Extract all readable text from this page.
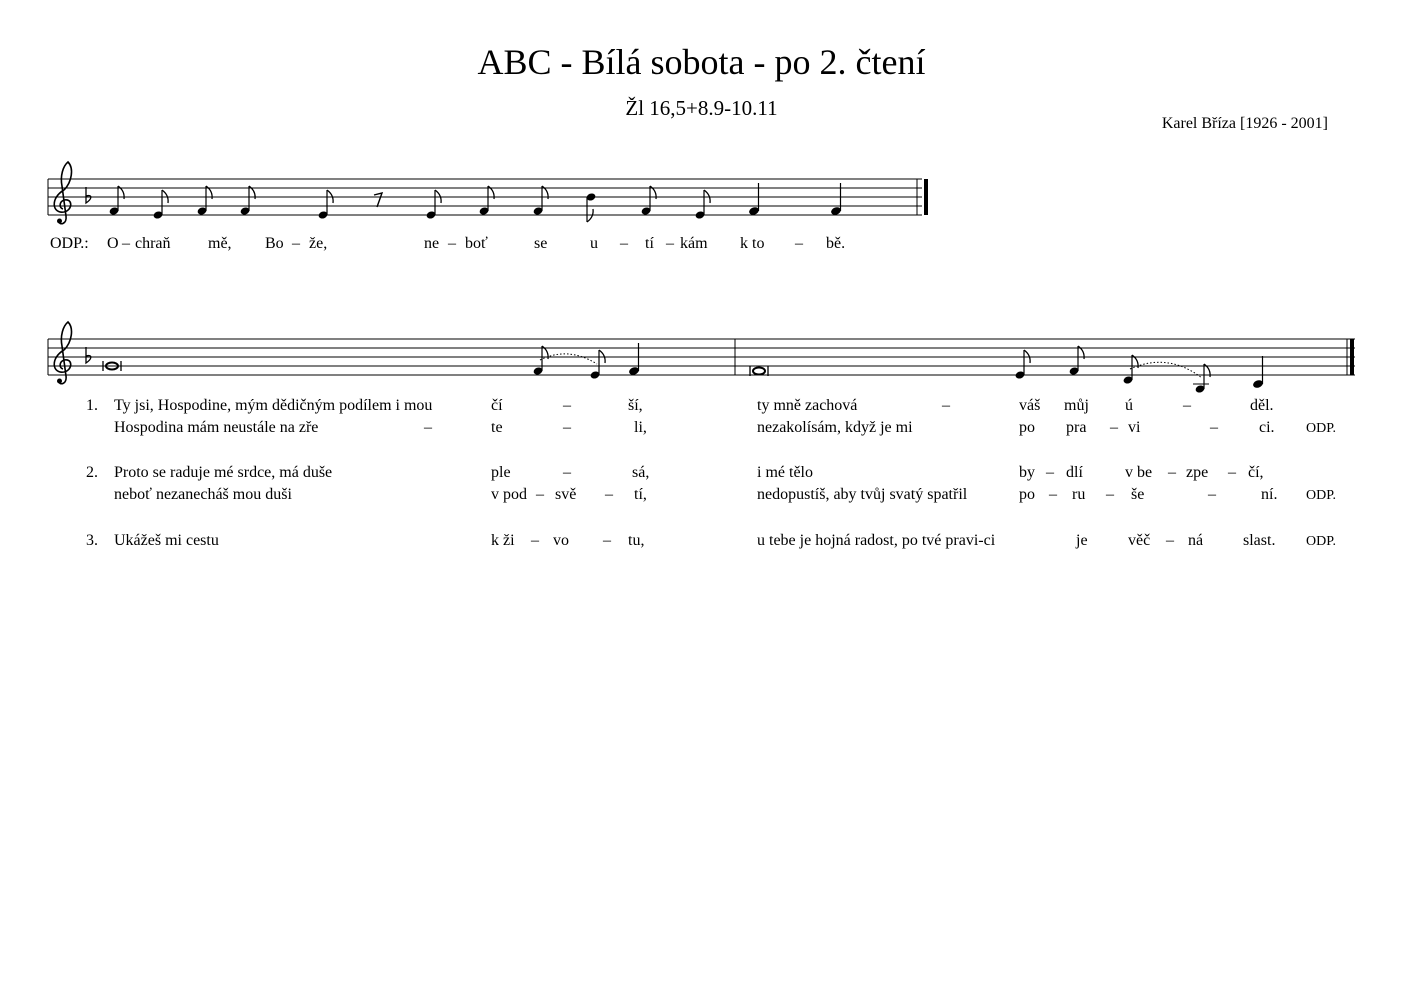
ABC - Bílá sobota - po 2. čtení
Žl 16,5+8.9-10.11
Karel Bříza [1926 - 2001]
ODP.: O – chraň mě, Bo – že,	ne – boť	se	u – tí – kám k to – bě.
1. Ty jsi, Hospodine, mým dědičným podílem i mou	čí	–	ší,	ty mně zachová	–	váš můj ú	–	děl.
Hospodina mám neustále na zře	–	te	–	li,	nezakolísám, když je mi	po pra – vi	–	ci. ODP.
2. Proto se raduje mé srdce, má duše	ple	–	sá,	i mé tělo	by – dlí	v be – zpe – čí,
neboť nezanecháš mou duši	v pod – svě – tí,	nedopustíš, aby tvůj svatý spatřil	po – ru – še	–	ní. ODP.
3. Ukážeš mi cestu	k ži – vo – tu,	u tebe je hojná radost, po tvé pravi-ci	je	věč – ná slast. ODP.
